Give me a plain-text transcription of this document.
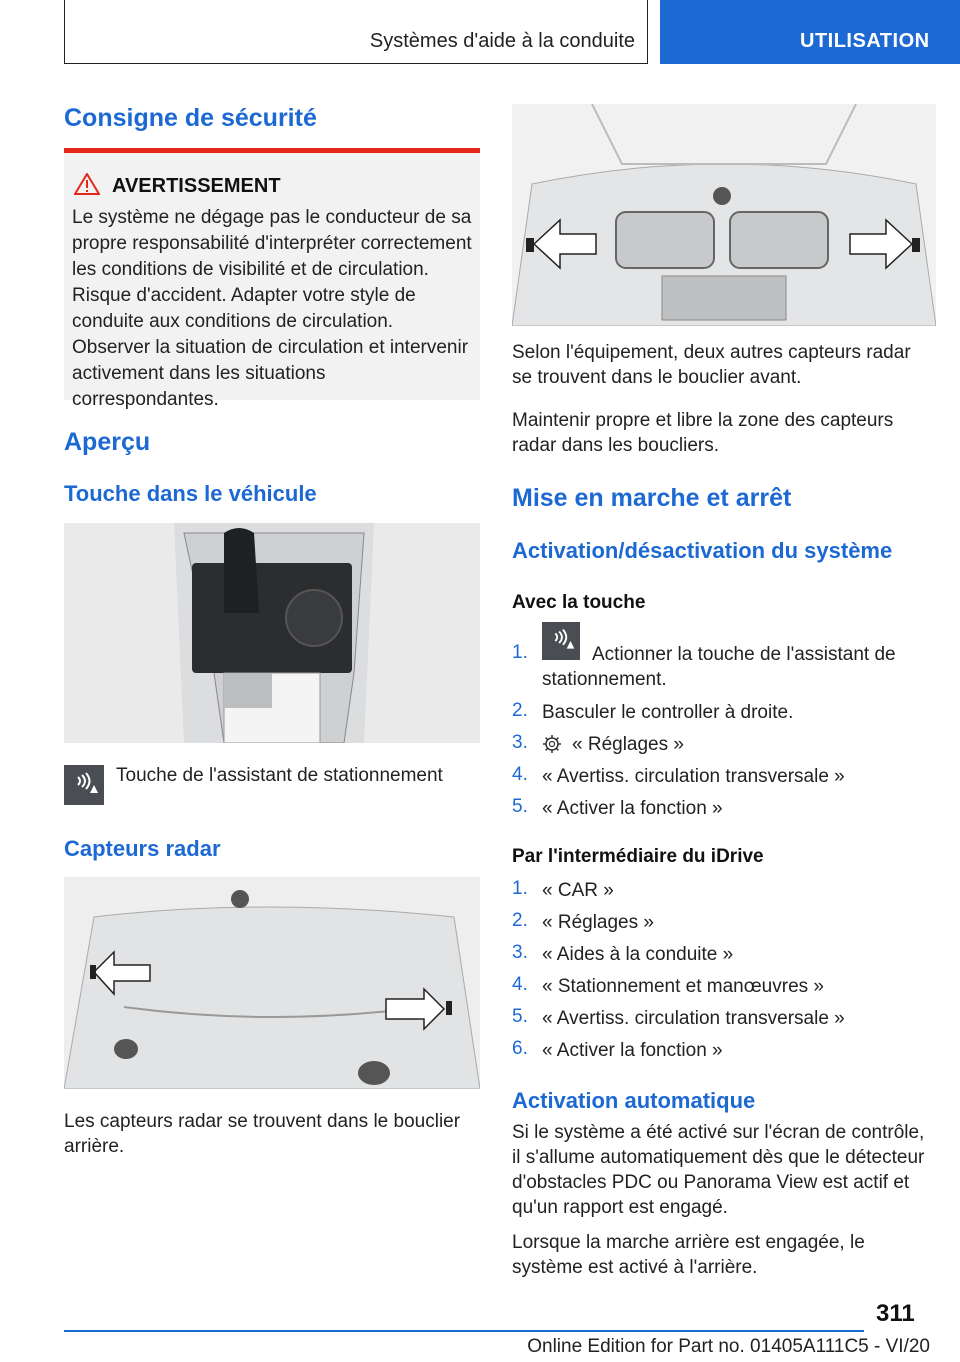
Systèmes d'aide à la conduite	UTILISATION
Consigne de sécurité
AVERTISSEMENT

Le système ne dégage pas le conducteur de sa propre responsabilité d'interpréter correctement les conditions de visibilité et de circulation. Risque d'accident. Adapter votre style de conduite aux conditions de circulation. Observer la situation de circulation et intervenir activement dans les situations correspondantes.

Aperçu
Touche dans le véhicule

Touche de l'assistant de stationnement

Capteurs radar

Les capteurs radar se trouvent dans le bouclier arrière.

Selon l'équipement, deux autres capteurs radar se trouvent dans le bouclier avant.

Maintenir propre et libre la zone des capteurs radar dans les boucliers.

Mise en marche et arrêt
Activation/désactivation du système
Avec la touche
1.	Actionner la touche de l'assistant de stationnement.

2. Basculer le controller à droite.
3. « Réglages »
4. « Avertiss. circulation transversale »
5. « Activer la fonction »
Par l'intermédiaire du iDrive
1. « CAR »
2. « Réglages »
3. « Aides à la conduite »
4. « Stationnement et manœuvres »
5. « Avertiss. circulation transversale »
6. « Activer la fonction »
Activation automatique

Si le système a été activé sur l'écran de contrôle, il s'allume automatiquement dès que le détecteur d'obstacles PDC ou Panorama View est actif et qu'un rapport est engagé.

Lorsque la marche arrière est engagée, le système est activé à l'arrière.

311
Online Edition for Part no. 01405A111C5 - VI/20
